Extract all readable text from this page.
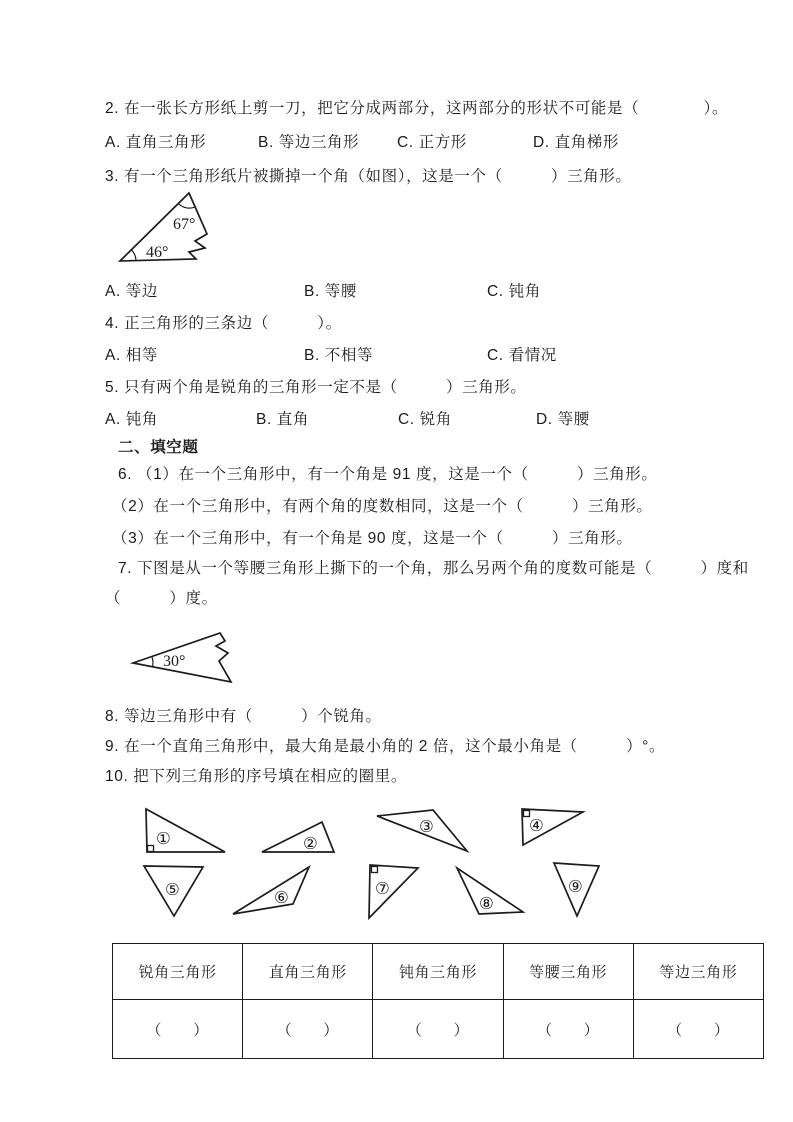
2. 在一张长方形纸上剪一刀，把它分成两部分，这两部分的形状不可能是（　　　　）。
A. 直角三角形	B. 等边三角形 C. 正方形	D. 直角梯形
3. 有一个三角形纸片被撕掉一个角（如图），这是一个（　　　）三角形。
A. 等边	B. 等腰	C. 钝角
4. 正三角形的三条边（　　　）。
A. 相等	B. 不相等	C. 看情况
5. 只有两个角是锐角的三角形一定不是（　　　）三角形。
A. 钝角	B. 直角	C. 锐角	D. 等腰
二、填空题
6. （1）在一个三角形中，有一个角是 91 度，这是一个（　　　）三角形。
（2）在一个三角形中，有两个角的度数相同，这是一个（　　　）三角形。
（3）在一个三角形中，有一个角是 90 度，这是一个（　　　）三角形。
7. 下图是从一个等腰三角形上撕下的一个角，那么另两个角的度数可能是（　　　）度和
（　　　）度。
8. 等边三角形中有（　　　）个锐角。
9. 在一个直角三角形中，最大角是最小角的 2 倍，这个最小角是（　　　）°。
10. 把下列三角形的序号填在相应的圈里。
67°
46°
30°
①	②
③	④
⑤	⑥	⑦
⑧
⑨
锐角三角形	直角三角形	钝角三角形	等腰三角形	等边三角形
（　　）	（　　）	（　　）	（　　）	（　　）
